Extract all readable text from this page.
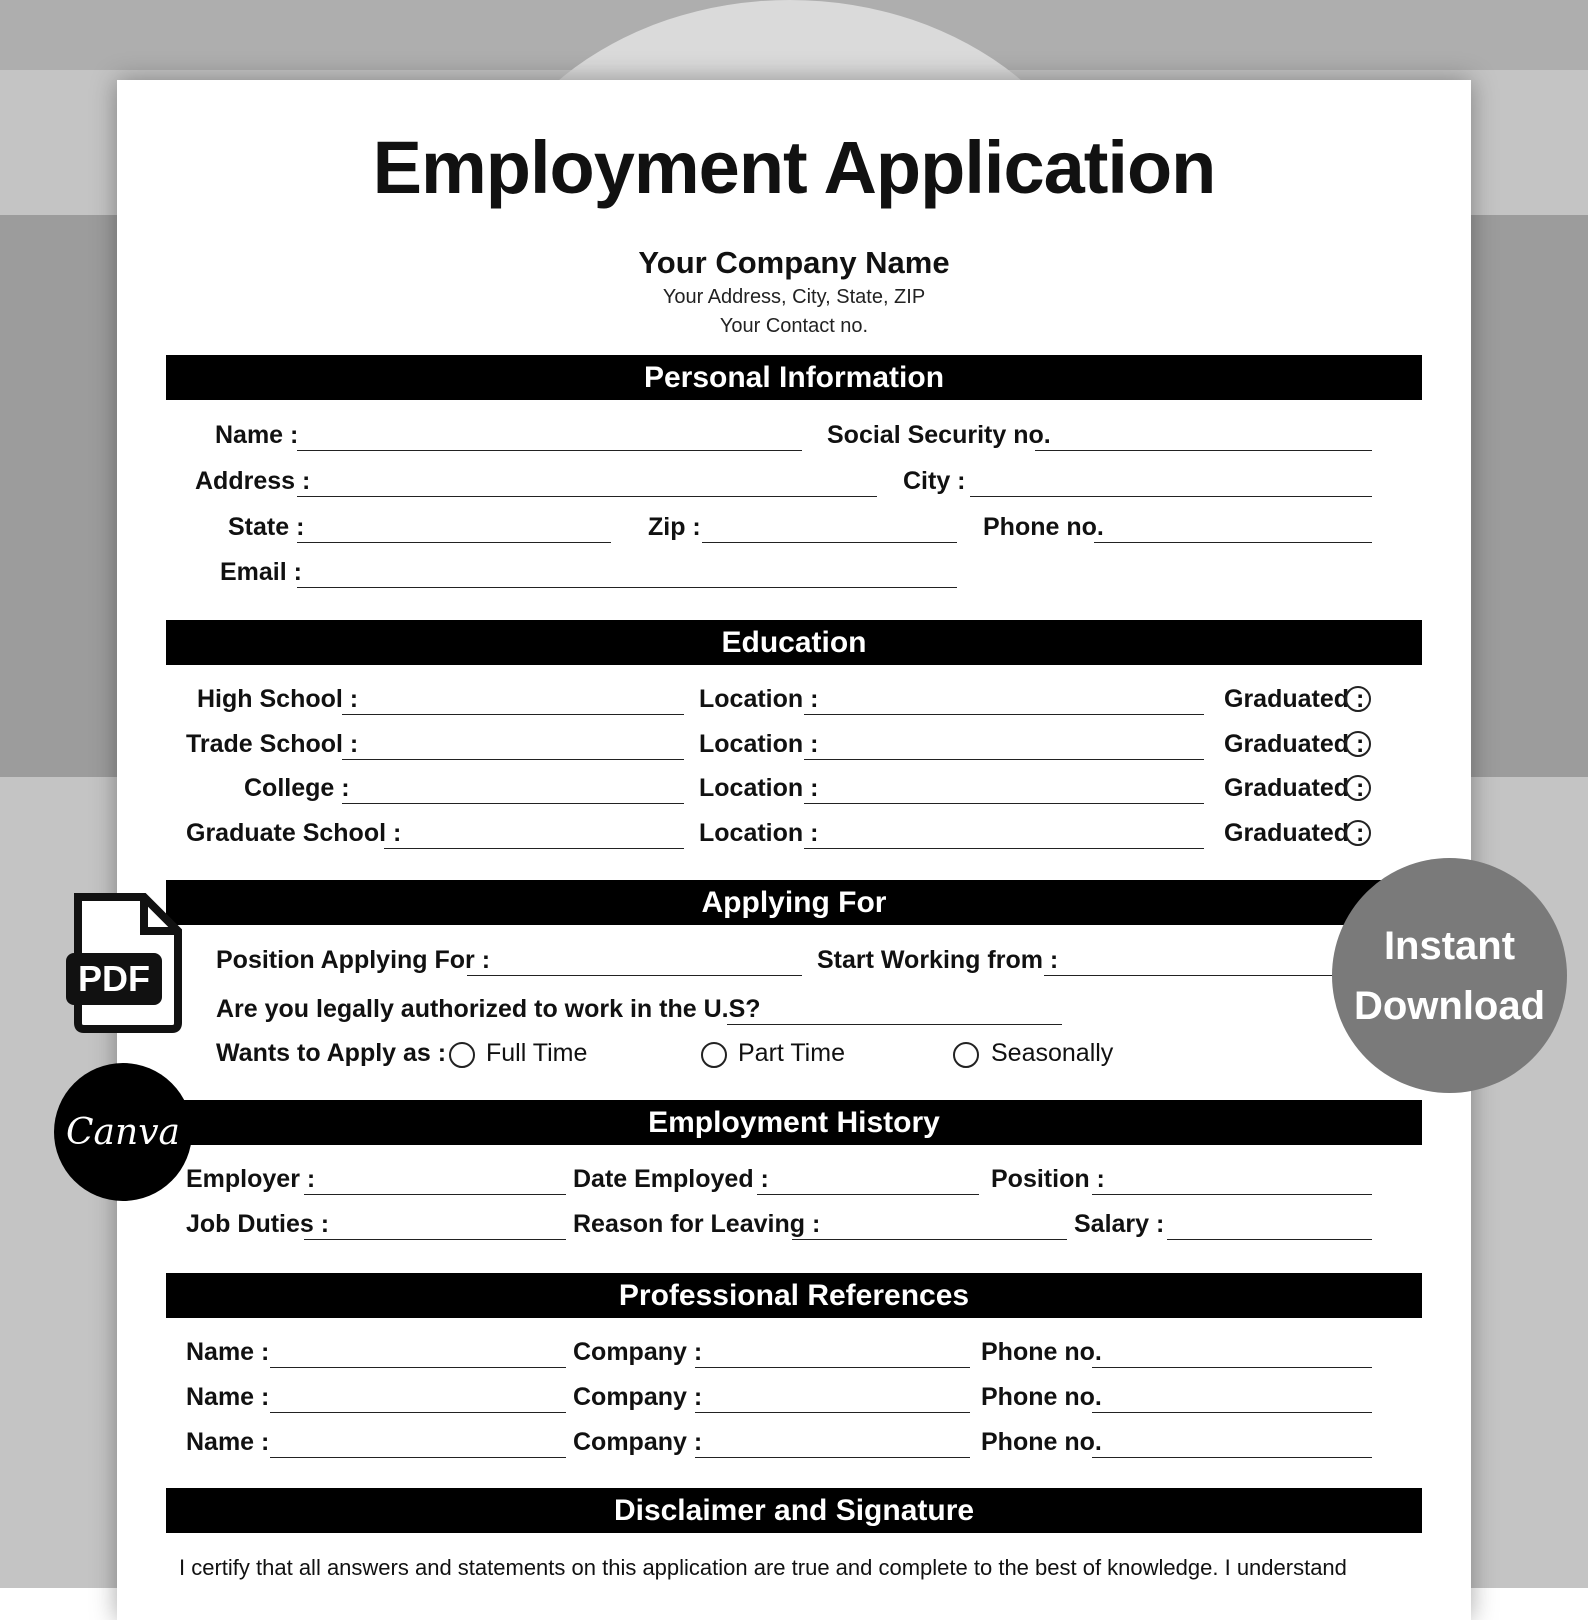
Employment Application
Your Company Name
Your Address, City, State, ZIP
Your Contact no.
Personal Information
Name :	Social Security no.
Address :	City :
State :	Zip :	Phone no.
Email :
Education
High School :	Location :	Graduated :
Trade School :	Location :	Graduated :
College :	Location :	Graduated :
Graduate School :	Location :	Graduated :
Applying For
Position Applying For :	Start Working from :
Are you legally authorized to work in the U.S?
Wants to Apply as : Full Time	Part Time	Seasonally
Employment History
Employer :	Date Employed :	Position :
Job Duties :	Reason for Leaving :	Salary :
Professional References
Name :	Company :	Phone no.
Name :	Company :	Phone no.
Name :	Company :	Phone no.
Disclaimer and Signature
I certify that all answers and statements on this application are true and complete to the best of knowledge. I understand
PDF
Canva
Instant
Download
